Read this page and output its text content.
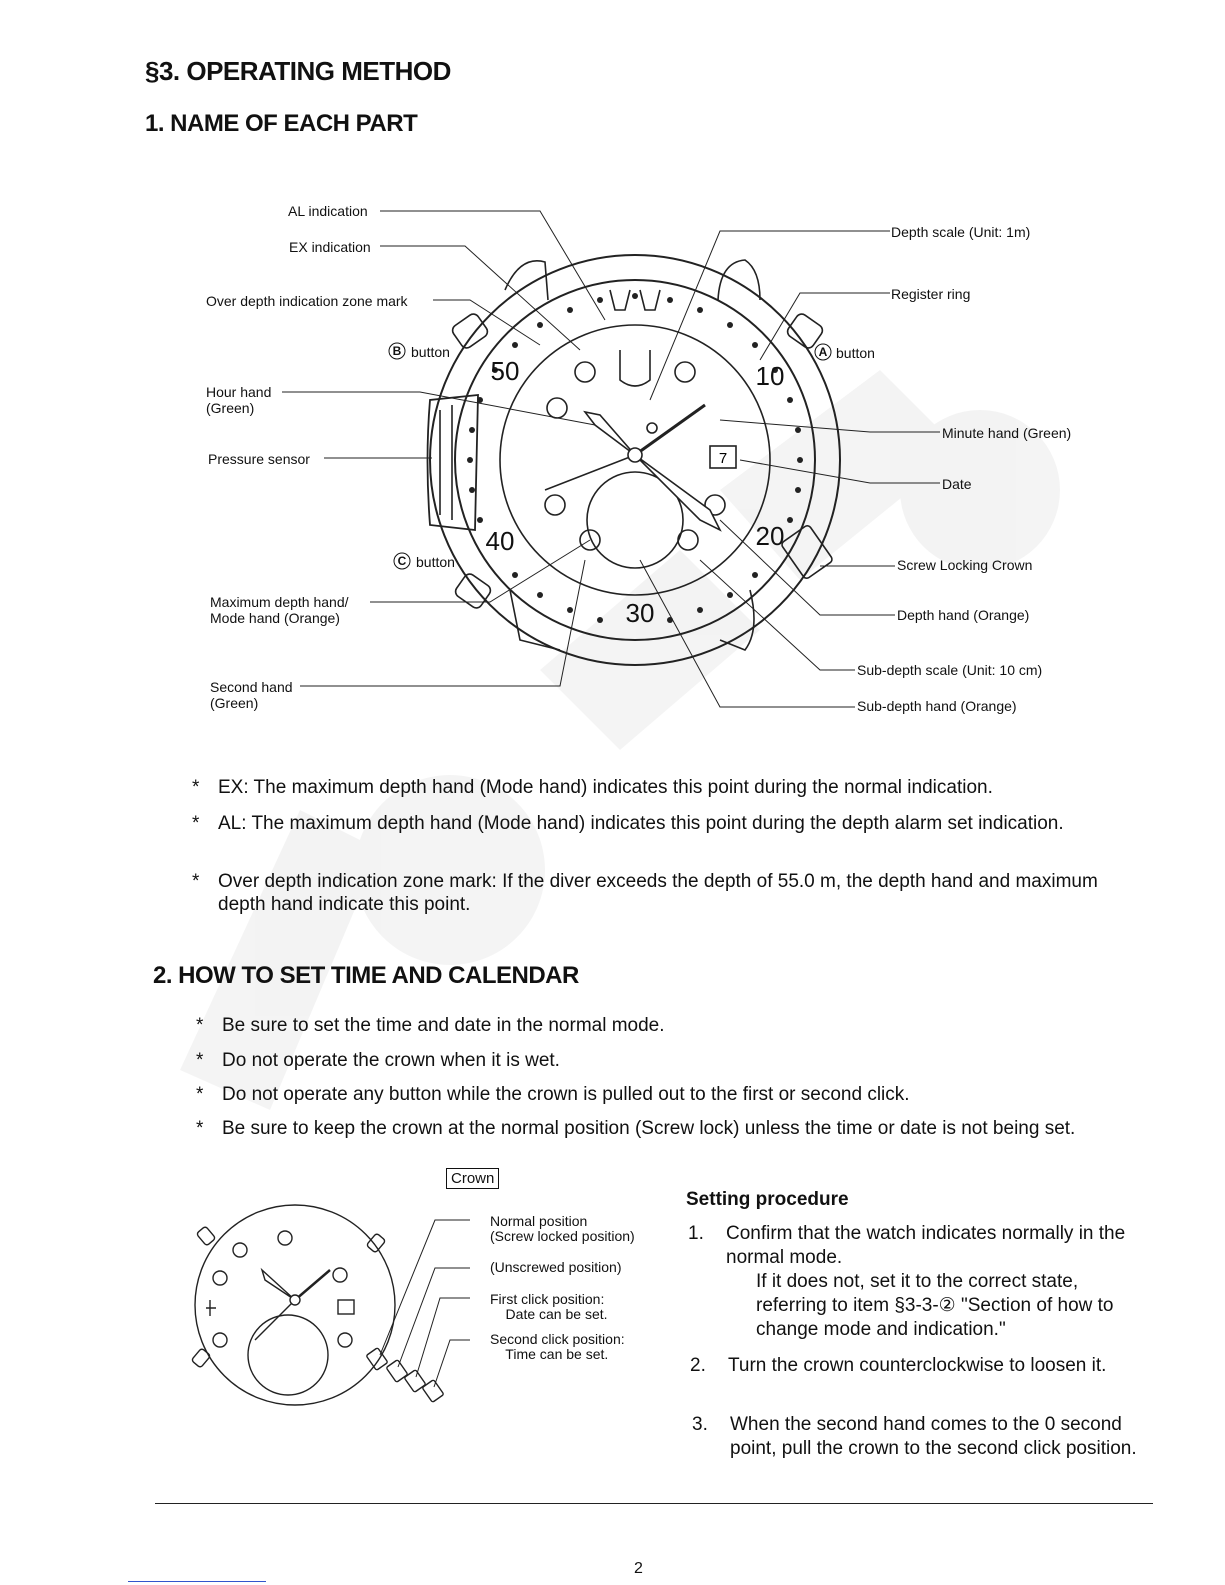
§3. OPERATING METHOD
1. NAME OF EACH PART
50	10
40	20
30
7
B	A
C
AL indication
EX indication
Over depth indication zone mark
button	button
button
Hour hand
(Green)
Pressure sensor
Maximum depth hand/
Mode hand (Orange)
Second hand
(Green)
Depth scale (Unit: 1m)
Register ring
Minute hand (Green)
Date
Screw Locking Crown
Depth hand (Orange)
Sub-depth scale (Unit: 10 cm)
Sub-depth hand (Orange)
* EX: The maximum depth hand (Mode hand) indicates this point during the normal indication.
* AL: The maximum depth hand (Mode hand) indicates this point during the depth alarm set indication.
* Over depth indication zone mark: If the diver exceeds the depth of 55.0 m, the depth hand and maximum depth hand indicate this point.
2. HOW TO SET TIME AND CALENDAR
* Be sure to set the time and date in the normal mode.
* Do not operate the crown when it is wet.
* Do not operate any button while the crown is pulled out to the first or second click.
* Be sure to keep the crown at the normal position (Screw lock) unless the time or date is not being set.
Crown
Normal position
(Screw locked position)
(Unscrewed position)
First click position:
Date can be set.
Second click position:
Time can be set.
Setting procedure
1. Confirm that the watch indicates normally in the normal mode.
If it does not, set it to the correct state, referring to item §3-3-② "Section of how to change mode and indication."
2. Turn the crown counterclockwise to loosen it.
3. When the second hand comes to the 0 second point, pull the crown to the second click position.
2
